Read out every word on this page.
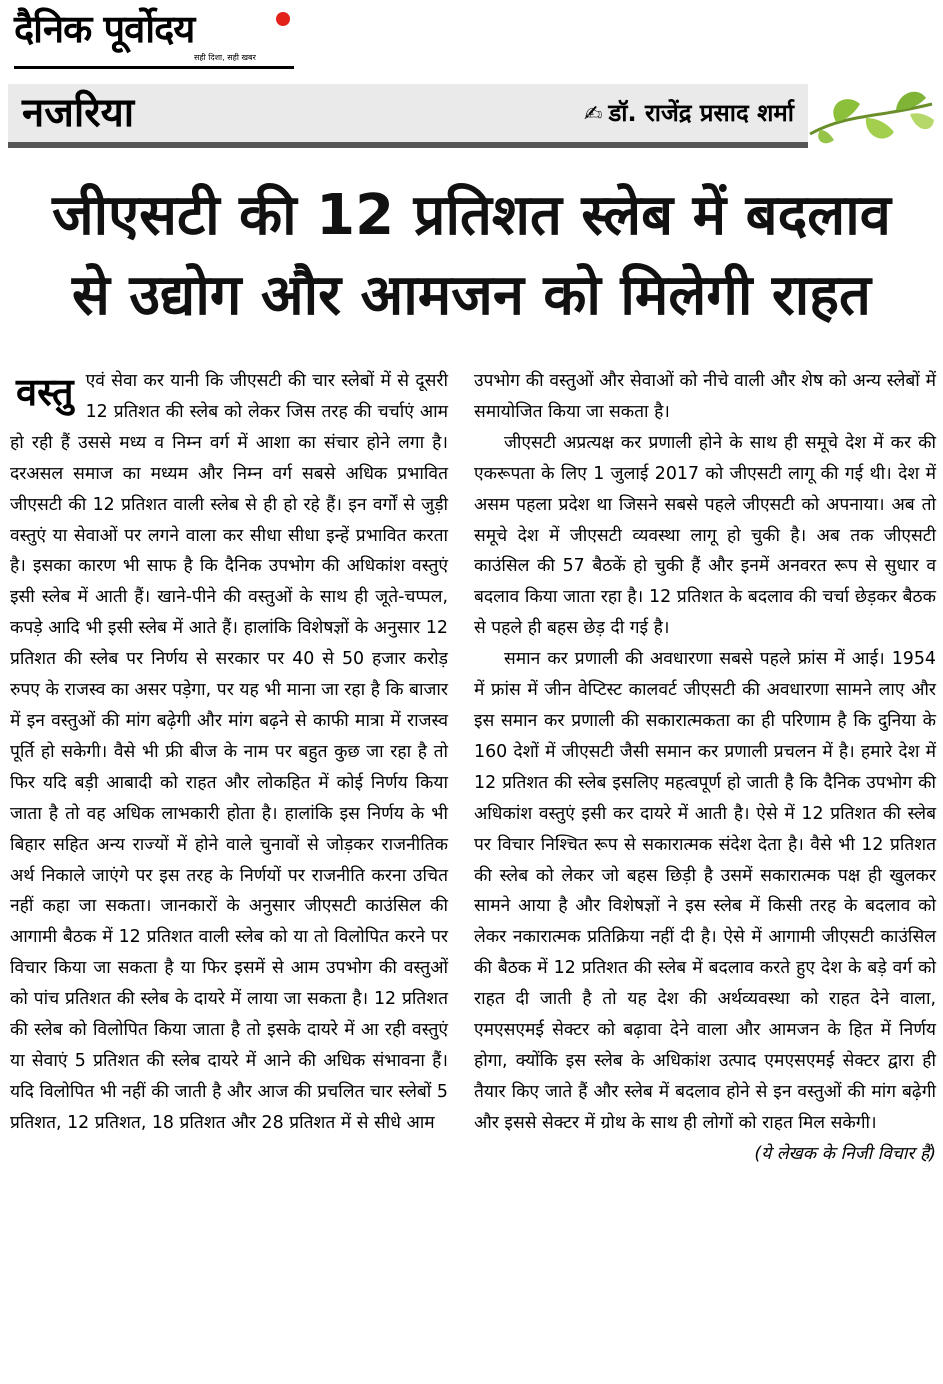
दैनिक पूर्वोदय
सही दिशा, सही खबर
नजरिया	✍ डॉ. राजेंद्र प्रसाद शर्मा
जीएसटी की 12 प्रतिशत स्लेब में बदलाव
से उद्योग और आमजन को मिलेगी राहत
वस्तु एवं सेवा कर यानी कि जीएसटी की चार स्लेबों में से दूसरी 12 प्रतिशत की स्लेब को लेकर जिस तरह की चर्चाएं आम हो रही हैं उससे मध्य व निम्न वर्ग में आशा का संचार होने लगा है। दरअसल समाज का मध्यम और निम्न वर्ग सबसे अधिक प्रभावित जीएसटी की 12 प्रतिशत वाली स्लेब से ही हो रहे हैं। इन वर्गों से जुड़ी वस्तुएं या सेवाओं पर लगने वाला कर सीधा सीधा इन्हें प्रभावित करता है। इसका कारण भी साफ है कि दैनिक उपभोग की अधिकांश वस्तुएं इसी स्लेब में आती हैं। खाने-पीने की वस्तुओं के साथ ही जूते-चप्पल, कपड़े आदि भी इसी स्लेब में आते हैं। हालांकि विशेषज्ञों के अनुसार 12 प्रतिशत की स्लेब पर निर्णय से सरकार पर 40 से 50 हजार करोड़ रुपए के राजस्व का असर पड़ेगा, पर यह भी माना जा रहा है कि बाजार में इन वस्तुओं की मांग बढ़ेगी और मांग बढ़ने से काफी मात्रा में राजस्व पूर्ति हो सकेगी। वैसे भी फ्री बीज के नाम पर बहुत कुछ जा रहा है तो फिर यदि बड़ी आबादी को राहत और लोकहित में कोई निर्णय किया जाता है तो वह अधिक लाभकारी होता है। हालांकि इस निर्णय के भी बिहार सहित अन्य राज्यों में होने वाले चुनावों से जोड़कर राजनीतिक अर्थ निकाले जाएंगे पर इस तरह के निर्णयों पर राजनीति करना उचित नहीं कहा जा सकता। जानकारों के अनुसार जीएसटी काउंसिल की आगामी बैठक में 12 प्रतिशत वाली स्लेब को या तो विलोपित करने पर विचार किया जा सकता है या फिर इसमें से आम उपभोग की वस्तुओं को पांच प्रतिशत की स्लेब के दायरे में लाया जा सकता है। 12 प्रतिशत की स्लेब को विलोपित किया जाता है तो इसके दायरे में आ रही वस्तुएं या सेवाएं 5 प्रतिशत की स्लेब दायरे में आने की अधिक संभावना हैं। यदि विलोपित भी नहीं की जाती है और आज की प्रचलित चार स्लेबों 5 प्रतिशत, 12 प्रतिशत, 18 प्रतिशत और 28 प्रतिशत में से सीधे आम

उपभोग की वस्तुओं और सेवाओं को नीचे वाली और शेष को अन्य स्लेबों में समायोजित किया जा सकता है।

जीएसटी अप्रत्यक्ष कर प्रणाली होने के साथ ही समूचे देश में कर की एकरूपता के लिए 1 जुलाई 2017 को जीएसटी लागू की गई थी। देश में असम पहला प्रदेश था जिसने सबसे पहले जीएसटी को अपनाया। अब तो समूचे देश में जीएसटी व्यवस्था लागू हो चुकी है। अब तक जीएसटी काउंसिल की 57 बैठकें हो चुकी हैं और इनमें अनवरत रूप से सुधार व बदलाव किया जाता रहा है। 12 प्रतिशत के बदलाव की चर्चा छेड़कर बैठक से पहले ही बहस छेड़ दी गई है।

समान कर प्रणाली की अवधारणा सबसे पहले फ्रांस में आई। 1954 में फ्रांस में जीन वेप्टिस्ट कालवर्ट जीएसटी की अवधारणा सामने लाए और इस समान कर प्रणाली की सकारात्मकता का ही परिणाम है कि दुनिया के 160 देशों में जीएसटी जैसी समान कर प्रणाली प्रचलन में है। हमारे देश में 12 प्रतिशत की स्लेब इसलिए महत्वपूर्ण हो जाती है कि दैनिक उपभोग की अधिकांश वस्तुएं इसी कर दायरे में आती है। ऐसे में 12 प्रतिशत की स्लेब पर विचार निश्चित रूप से सकारात्मक संदेश देता है। वैसे भी 12 प्रतिशत की स्लेब को लेकर जो बहस छिड़ी है उसमें सकारात्मक पक्ष ही खुलकर सामने आया है और विशेषज्ञों ने इस स्लेब में किसी तरह के बदलाव को लेकर नकारात्मक प्रतिक्रिया नहीं दी है। ऐसे में आगामी जीएसटी काउंसिल की बैठक में 12 प्रतिशत की स्लेब में बदलाव करते हुए देश के बड़े वर्ग को राहत दी जाती है तो यह देश की अर्थव्यवस्था को राहत देने वाला, एमएसएमई सेक्टर को बढ़ावा देने वाला और आमजन के हित में निर्णय होगा, क्योंकि इस स्लेब के अधिकांश उत्पाद एमएसएमई सेक्टर द्वारा ही तैयार किए जाते हैं और स्लेब में बदलाव होने से इन वस्तुओं की मांग बढ़ेगी और इससे सेक्टर में ग्रोथ के साथ ही लोगों को राहत मिल सकेगी।

(ये लेखक के निजी विचार हैं)
